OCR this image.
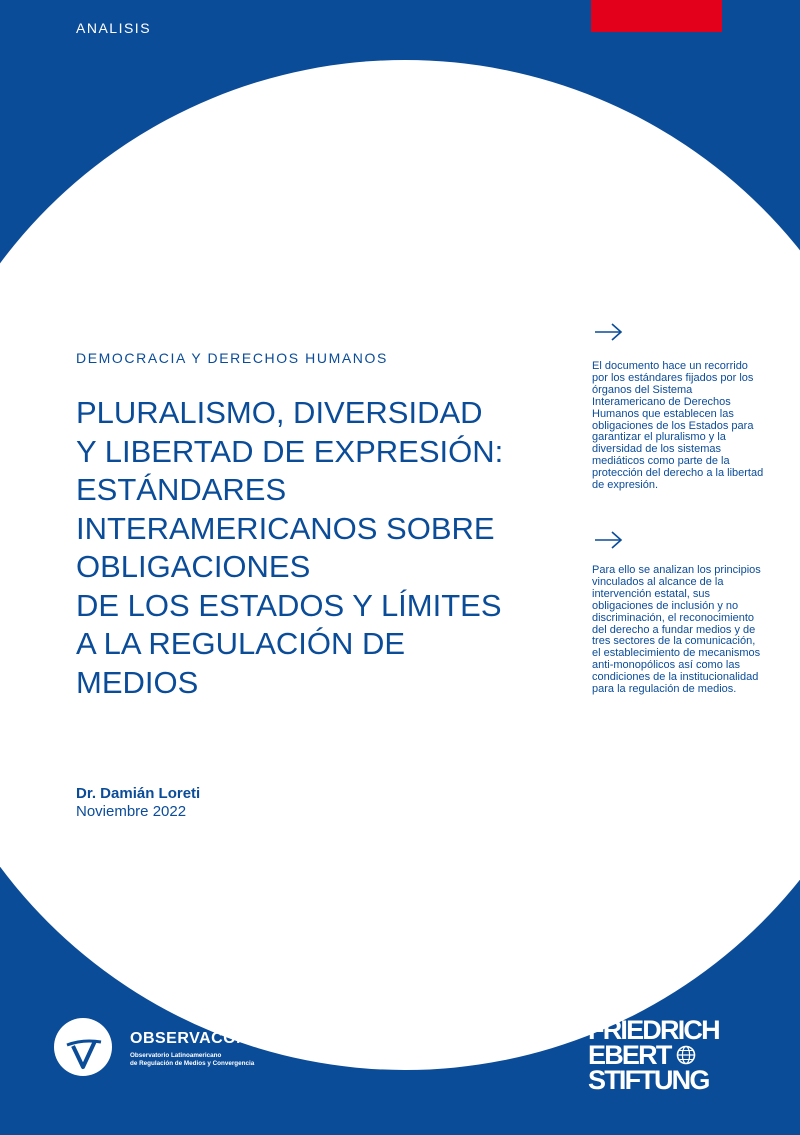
ANALISIS
DEMOCRACIA Y DERECHOS HUMANOS
PLURALISMO, DIVERSIDAD
Y LIBERTAD DE EXPRESIÓN:
ESTÁNDARES
INTERAMERICANOS SOBRE
OBLIGACIONES
DE LOS ESTADOS Y LÍMITES
A LA REGULACIÓN DE
MEDIOS
Dr. Damián Loreti
Noviembre 2022

El documento hace un recorrido por los estándares fijados por los órganos del Sistema Interamericano de Derechos Humanos que establecen las obligaciones de los Estados para garantizar el pluralismo y la diversidad de los sistemas mediáticos como parte de la protección del derecho a la libertad de expresión.

Para ello se analizan los principios vinculados al alcance de la intervención estatal, sus obligaciones de inclusión y no discriminación, el reconocimiento del derecho a fundar medios y de tres sectores de la comunicación, el establecimiento de mecanismos anti-monopólicos así como las condiciones de la institucionalidad para la regulación de medios.

OBSERVACOM
Observatorio Latinoamericano
de Regulación de Medios y Convergencia
FRIEDRICH
EBERT
STIFTUNG
